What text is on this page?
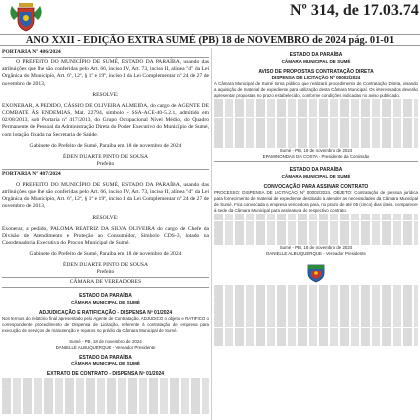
Nº 314, de 17.03.74
ANO XXII - EDIÇÃO EXTRA SUMÉ (PB) 18 de NOVEMBRO de 2024 pág. 01-01
PORTARIA Nº 486/2024
O PREFEITO DO MUNICÍPIO DE SUMÉ, ESTADO DA PARAÍBA, usando das atribuições que lhe são conferidas pelo Art. 66, inciso IV, Art. 73, inciso II, alínea "d" da Lei Orgânica do Município, Art. 6º, 12º, § 1º e 19º, inciso I da Lei Complementar nº 24 de 27 de novembro de 2013,
RESOLVE:
EXONERAR, A PEDIDO, CÁSSIO DE OLIVEIRA ALMEIDA, do cargo de AGENTE DE COMBATE ÀS ENDEMIAS, Mat. 22794, símbolo - SSA-ACE-40-5.2.1, admitido em 02/08/2013, sob Portaria nº 417/2013, do Grupo Ocupacional Nível Médio, do Quadro Permanente de Pessoal da Administração Direta do Poder Executivo do Município de Sumé, com lotação fixada na Secretaria de Saúde.
Gabinete do Prefeito de Sumé, Paraíba em 18 de novembro de 2024
ÉDEN DUARTE PINTO DE SOUSA
Prefeito
PORTARIA Nº 487/2024
O PREFEITO DO MUNICÍPIO DE SUMÉ, ESTADO DA PARAÍBA, usando das atribuições que lhe são conferidas pelo Art. 66, inciso IV, Art. 73, inciso II, alínea "d" da Lei Orgânica do Município, Art. 6º, 12º, § 1º e 19º, inciso I da Lei Complementar nº 24 de 27 de novembro de 2013,
RESOLVE:
Exonerar, a pedido, PALOMA BEATRIZ DA SILVA OLIVEIRA do cargo de Chefe da Divisão de Atendimento e Proteção ao Consumidor, Símbolo CDS-3, lotado na Coordenadoria Executiva do Procon Municipal de Sumé.
Gabinete do Prefeito de Sumé, Paraíba em 18 de novembro de 2024
ÉDEN DUARTE PINTO DE SOUSA
Prefeito
CÂMARA DE VEREADORES
ESTADO DA PARAÍBA
CÂMARA MUNICIPAL DE SUMÉ
ADJUDICAÇÃO E RATIFICAÇÃO - DISPENSA Nº 01/2024
Nos termos do relatório final apresentado pelo Agente de Contratação, ADJUDICO o objeto e RATIFICO o correspondente procedimento de Dispensa de Licitação, referente à contratação de empresa para execução de serviços de manutenção e reparos no prédio da Câmara Municipal de Sumé.
Sumé - PB, 18 de novembro de 2024
DANIELLE ALBUQUERQUE - Vereador Presidente
ESTADO DA PARAÍBA
CÂMARA MUNICIPAL DE SUMÉ
EXTRATO DE CONTRATO - DISPENSA Nº 01/2024
ESTADO DA PARAÍBA
CÂMARA MUNICIPAL DE SUMÉ
AVISO DE PROPOSTAS CONTRATAÇÃO DIRETA
DISPENSA DE LICITAÇÃO Nº 00002/2024
A Câmara Municipal de Sumé torna público que realizará procedimento de Contratação Direta, visando a aquisição de material de expediente para utilização desta Câmara Municipal. Os interessados deverão apresentar propostas no prazo estabelecido, conforme condições indicadas no aviso publicado.
Sumé - PB, 18 de novembro de 2024
EPAMINONDAS DA COSTA - Presidente da Comissão
ESTADO DA PARAÍBA
CÂMARA MUNICIPAL DE SUMÉ
CONVOCAÇÃO PARA ASSINAR CONTRATO
PROCESSO: DISPENSA DE LICITAÇÃO Nº 00002/2024. OBJETO: Contratação de pessoa jurídica para fornecimento de material de expediente destinado a atender as necessidades da Câmara Municipal de Sumé. Fica convocada a empresa vencedora para, no prazo de até 05 (cinco) dias úteis, comparecer à sede da Câmara Municipal para assinatura do respectivo contrato.
Sumé - PB, 18 de novembro de 2024
DANIELLE ALBUQUERQUE - Vereador Presidente
